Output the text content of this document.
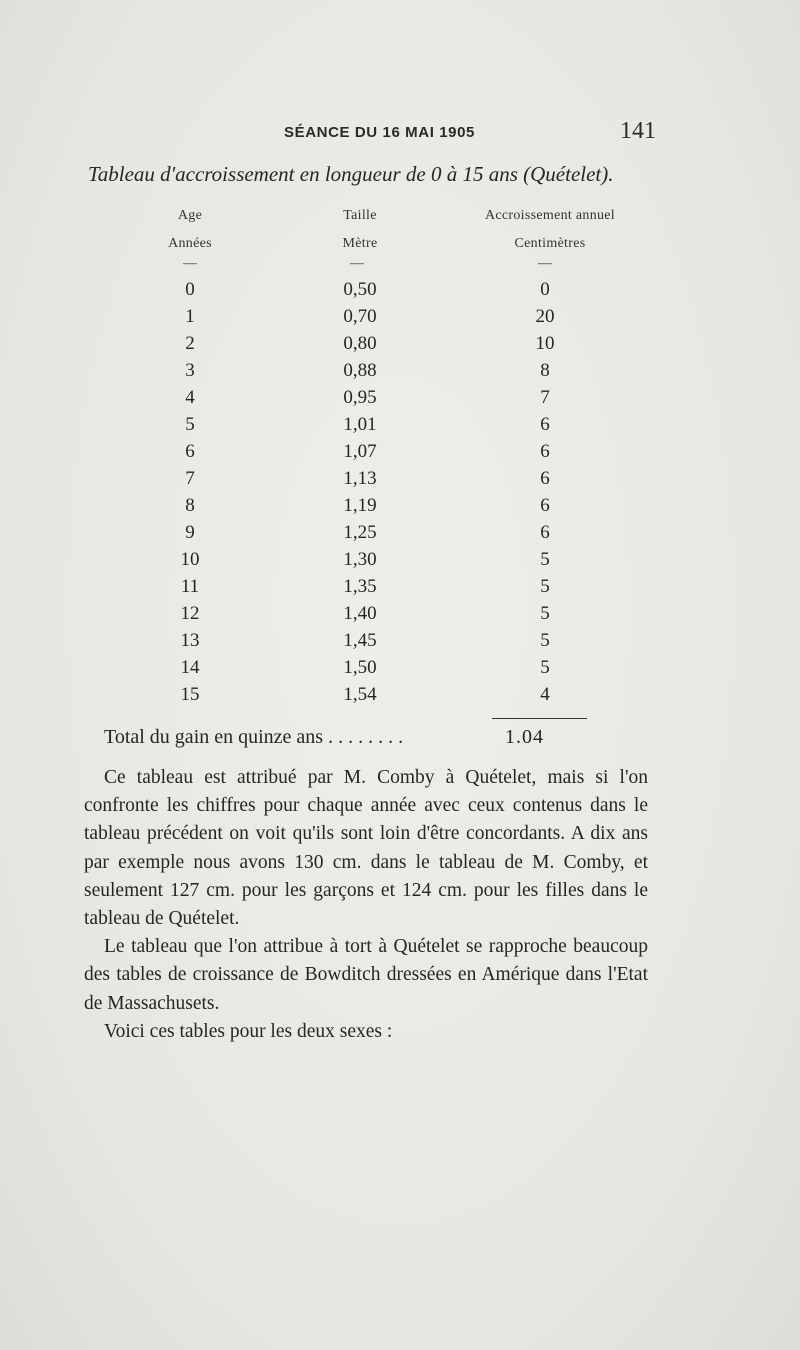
SÉANCE DU 16 MAI 1905	141
Tableau d'accroissement en longueur de 0 à 15 ans (Quételet).
Age	Taille	Accroissement annuel
Années	Mètre	Centimètres
—	—	—
0	0,50	0
1	0,70	20
2	0,80	10
3	0,88	8
4	0,95	7
5	1,01	6
6	1,07	6
7	1,13	6
8	1,19	6
9	1,25	6
10	1,30	5
11	1,35	5
12	1,40	5
13	1,45	5
14	1,50	5
15	1,54	4
Total du gain en quinze ans . . . . . . . .	1.04

Ce tableau est attribué par M. Comby à Quételet, mais si l'on confronte les chiffres pour chaque année avec ceux contenus dans le tableau précédent on voit qu'ils sont loin d'être concordants. A dix ans par exemple nous avons 130 cm. dans le tableau de M. Comby, et seulement 127 cm. pour les garçons et 124 cm. pour les filles dans le tableau de Quételet.

Le tableau que l'on attribue à tort à Quételet se rapproche beaucoup des tables de croissance de Bowditch dressées en Amérique dans l'Etat de Massachusets.

Voici ces tables pour les deux sexes :
